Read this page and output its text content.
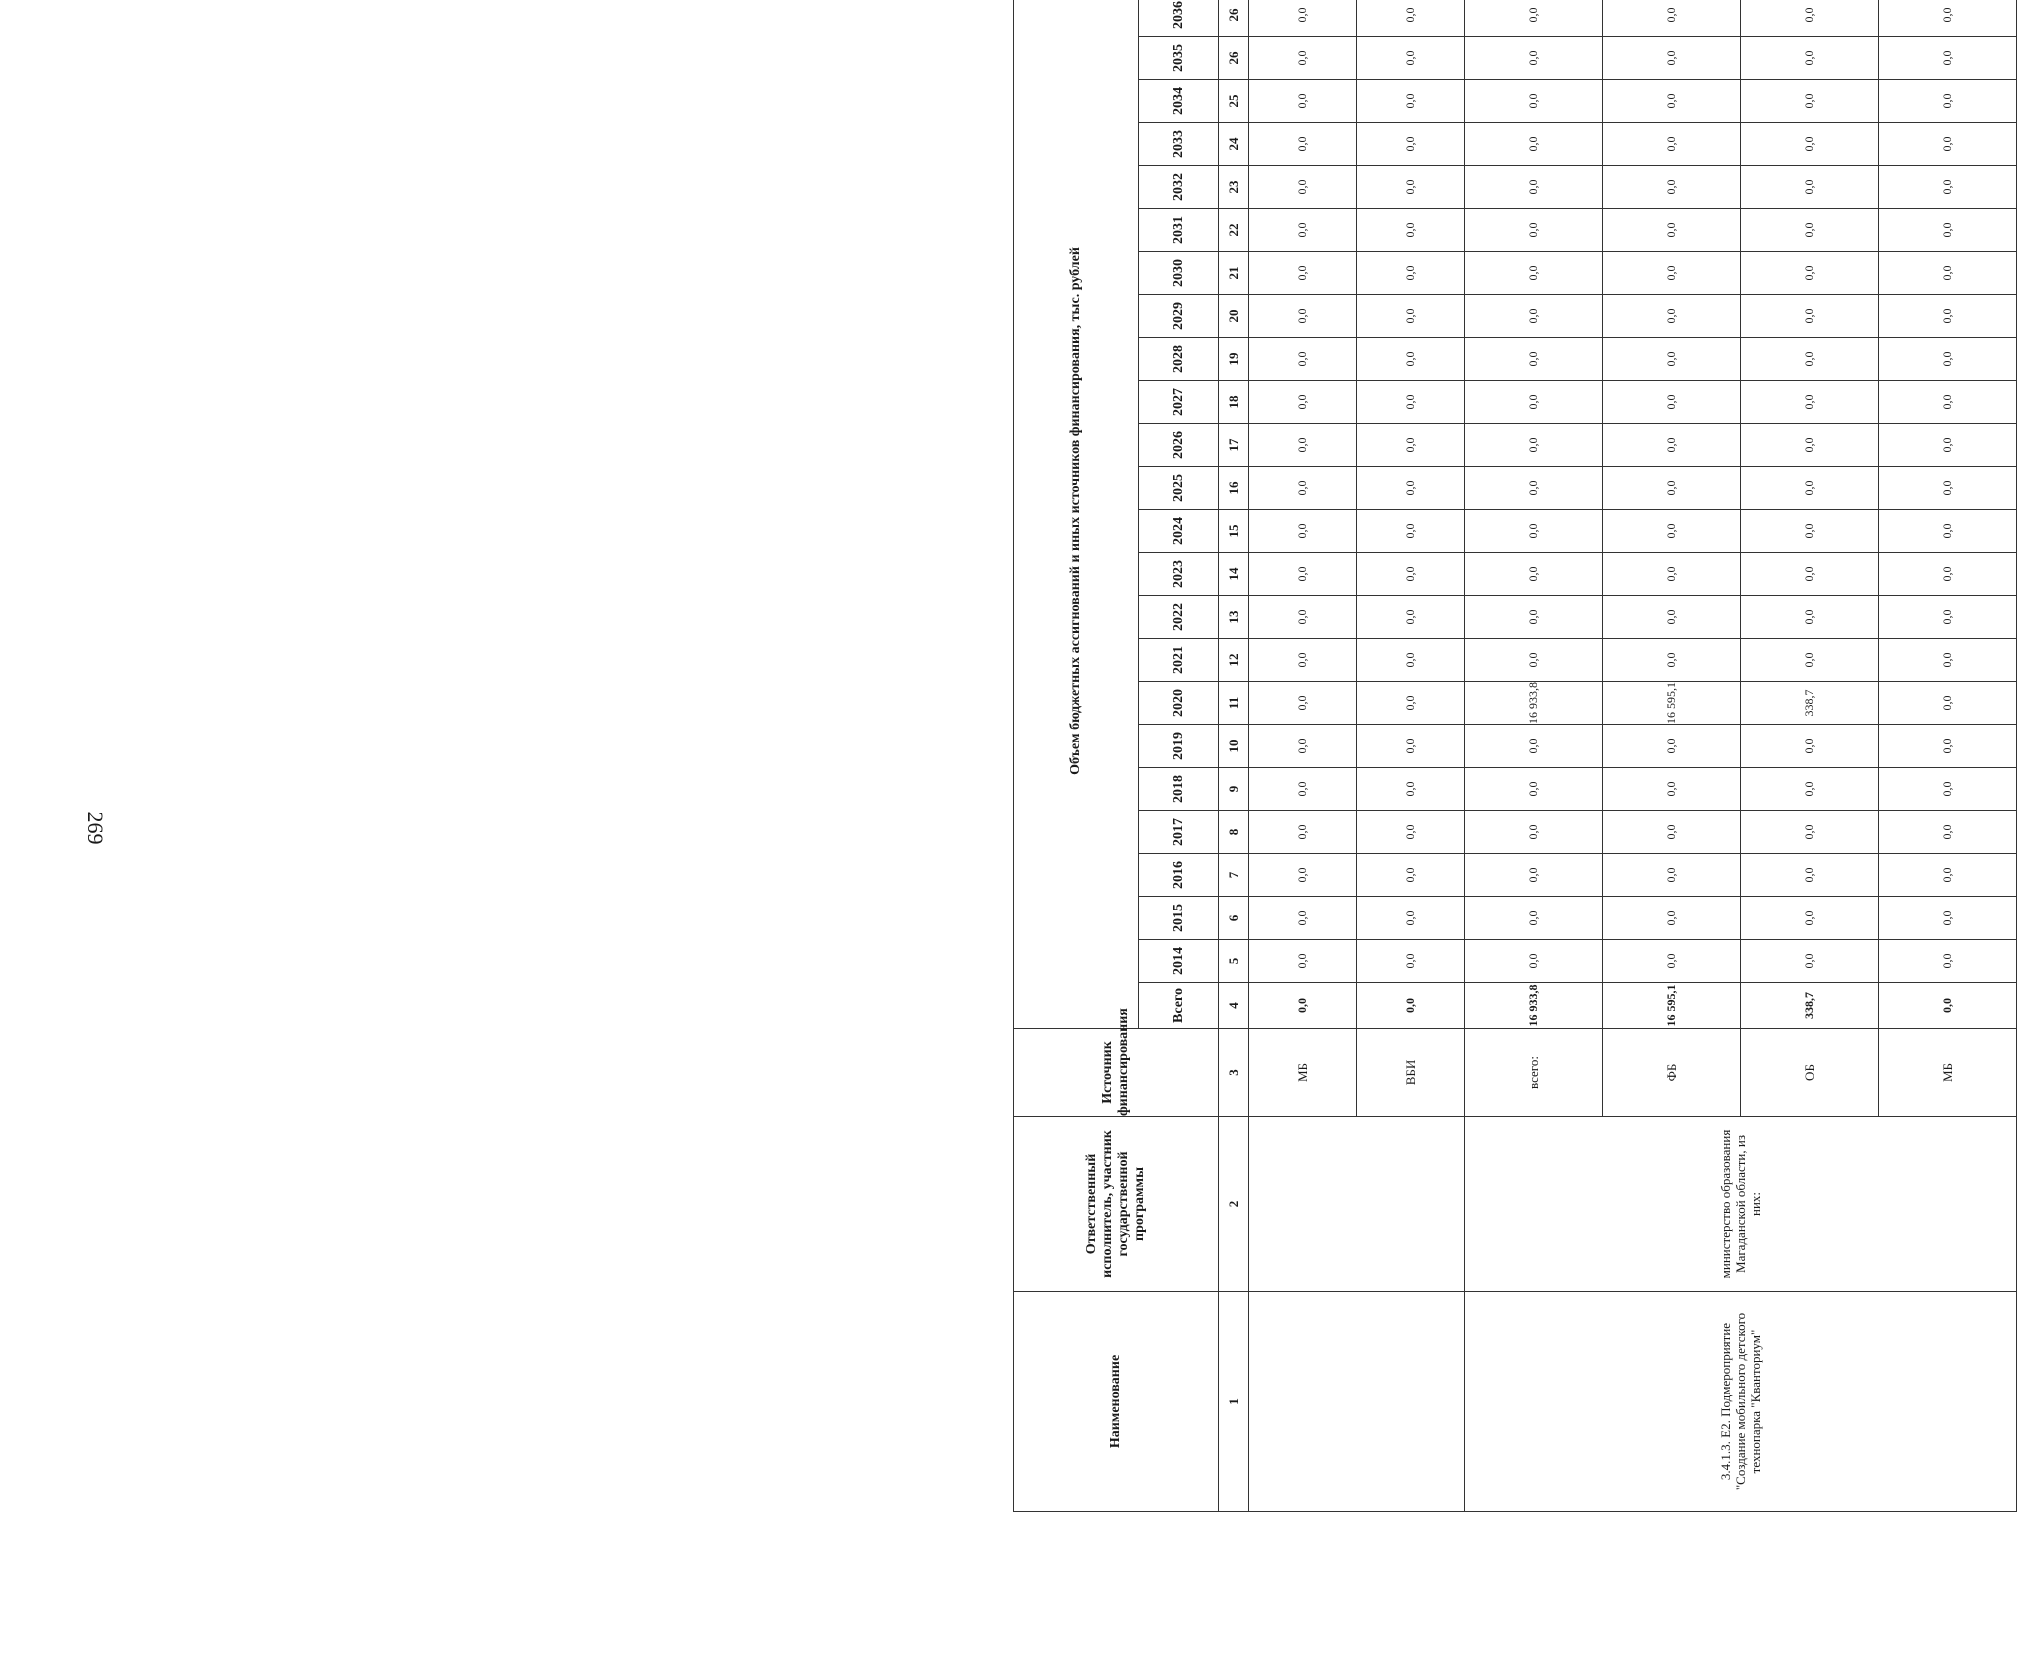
269
Наименование	Ответственный исполнитель, участник государственной программы	Источник финансирования	Объем бюджетных ассигнований и иных источников финансирования, тыс. рублей																							
			Всего	2014	2015	2016	2017	2018	2019	2020	2021	2022	2023	2024	2025	2026	2027	2028	2029	2030	2031	2032	2033	2034	2035	2036
1	2	3	4	5	6	7	8	9	10	11	12	13	14	15	16	17	18	19	20	21	22	23	24	25	26	26
		МБ	0,0	0,0	0,0	0,0	0,0	0,0	0,0	0,0	0,0	0,0	0,0	0,0	0,0	0,0	0,0	0,0	0,0	0,0	0,0	0,0	0,0	0,0	0,0	0,0
		ВБИ	0,0	0,0	0,0	0,0	0,0	0,0	0,0	0,0	0,0	0,0	0,0	0,0	0,0	0,0	0,0	0,0	0,0	0,0	0,0	0,0	0,0	0,0	0,0	0,0
3.4.1.3. Е2. Подмероприятие "Создание мобильного детского технопарка "Кванториум"	министерство образования Магаданской области, из них:	всего:	16 933,8	0,0	0,0	0,0	0,0	0,0	0,0	16 933,8	0,0	0,0	0,0	0,0	0,0	0,0	0,0	0,0	0,0	0,0	0,0	0,0	0,0	0,0	0,0	0,0
		ФБ	16 595,1	0,0	0,0	0,0	0,0	0,0	0,0	16 595,1	0,0	0,0	0,0	0,0	0,0	0,0	0,0	0,0	0,0	0,0	0,0	0,0	0,0	0,0	0,0	0,0
		ОБ	338,7	0,0	0,0	0,0	0,0	0,0	0,0	338,7	0,0	0,0	0,0	0,0	0,0	0,0	0,0	0,0	0,0	0,0	0,0	0,0	0,0	0,0	0,0	0,0
		МБ	0,0	0,0	0,0	0,0	0,0	0,0	0,0	0,0	0,0	0,0	0,0	0,0	0,0	0,0	0,0	0,0	0,0	0,0	0,0	0,0	0,0	0,0	0,0	0,0
